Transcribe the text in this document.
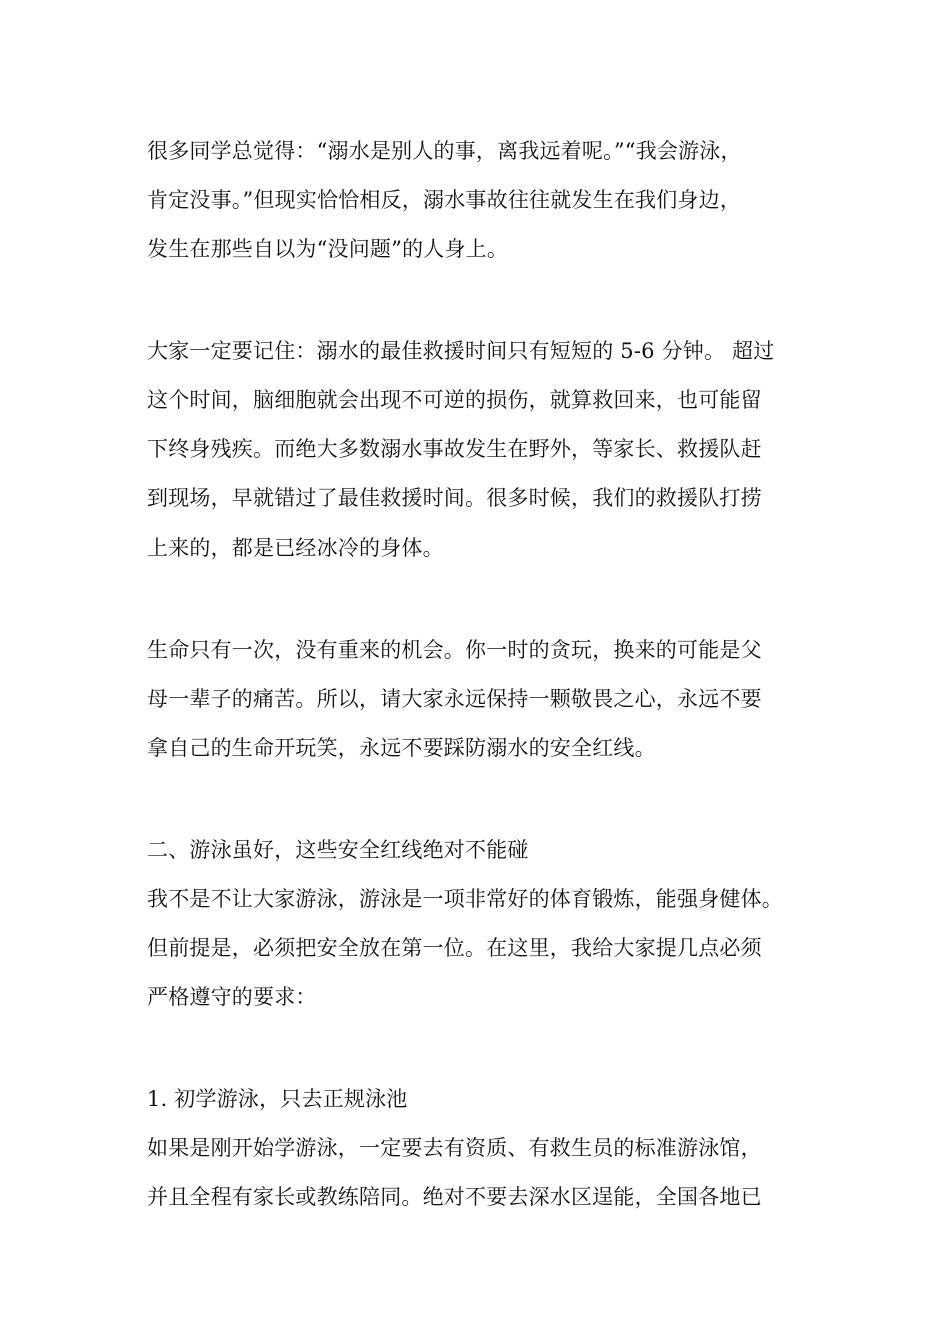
很多同学总觉得：“溺水是别人的事，离我远着呢。”“我会游泳，
肯定没事。”但现实恰恰相反，溺水事故往往就发生在我们身边，
发生在那些自以为“没问题”的人身上。
大家一定要记住：溺水的最佳救援时间只有短短的 5-6 分钟。 超过
这个时间，脑细胞就会出现不可逆的损伤，就算救回来，也可能留
下终身残疾。而绝大多数溺水事故发生在野外，等家长、救援队赶
到现场，早就错过了最佳救援时间。很多时候，我们的救援队打捞
上来的，都是已经冰冷的身体。
生命只有一次，没有重来的机会。你一时的贪玩，换来的可能是父
母一辈子的痛苦。所以，请大家永远保持一颗敬畏之心，永远不要
拿自己的生命开玩笑，永远不要踩防溺水的安全红线。
二、游泳虽好，这些安全红线绝对不能碰
我不是不让大家游泳，游泳是一项非常好的体育锻炼，能强身健体。
但前提是，必须把安全放在第一位。在这里，我给大家提几点必须
严格遵守的要求：
1. 初学游泳，只去正规泳池
如果是刚开始学游泳，一定要去有资质、有救生员的标准游泳馆，
并且全程有家长或教练陪同。绝对不要去深水区逞能，全国各地已
